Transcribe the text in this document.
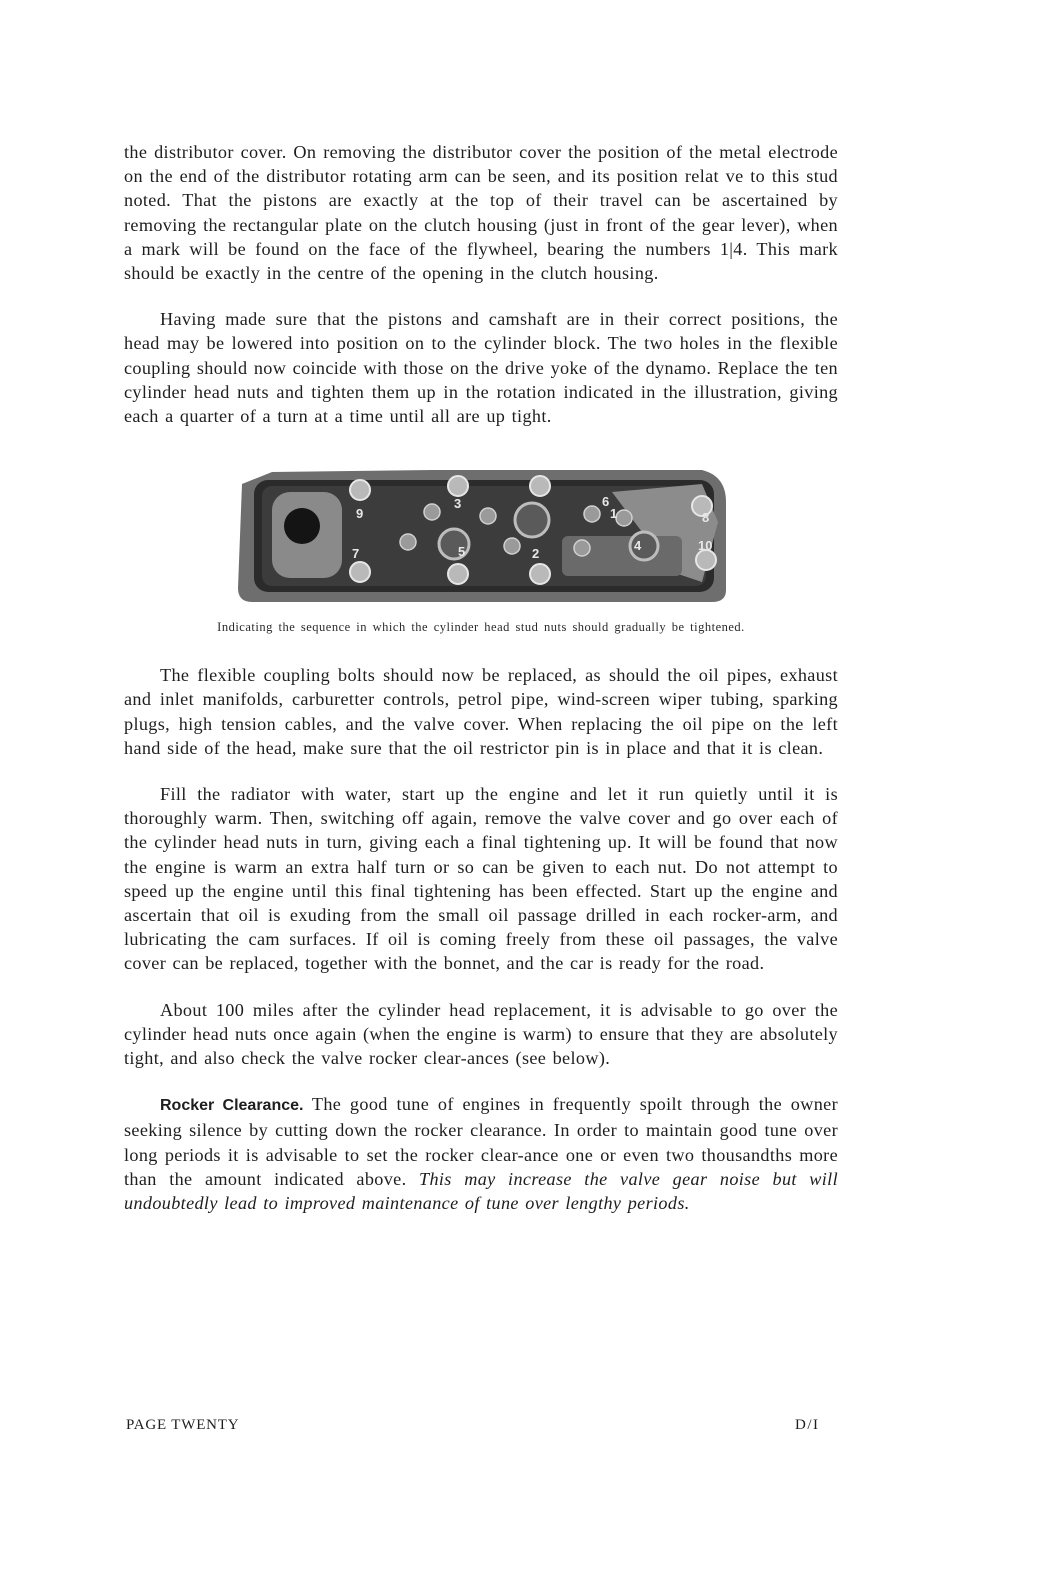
the distributor cover. On removing the distributor cover the position of the metal electrode on the end of the distributor rotating arm can be seen, and its position relat ve to this stud noted. That the pistons are exactly at the top of their travel can be ascertained by removing the rectangular plate on the clutch housing (just in front of the gear lever), when a mark will be found on the face of the flywheel, bearing the numbers 1|4. This mark should be exactly in the centre of the opening in the clutch housing.

Having made sure that the pistons and camshaft are in their correct positions, the head may be lowered into position on to the cylinder block. The two holes in the flexible coupling should now coincide with those on the drive yoke of the dynamo. Replace the ten cylinder head nuts and tighten them up in the rotation indicated in the illustration, giving each a quarter of a turn at a time until all are up tight.

1
2
3
4
5
6
7
8
9
10

Indicating the sequence in which the cylinder head stud nuts should gradually be tightened.

The flexible coupling bolts should now be replaced, as should the oil pipes, exhaust and inlet manifolds, carburetter controls, petrol pipe, wind-screen wiper tubing, sparking plugs, high tension cables, and the valve cover. When replacing the oil pipe on the left hand side of the head, make sure that the oil restrictor pin is in place and that it is clean.

Fill the radiator with water, start up the engine and let it run quietly until it is thoroughly warm. Then, switching off again, remove the valve cover and go over each of the cylinder head nuts in turn, giving each a final tightening up. It will be found that now the engine is warm an extra half turn or so can be given to each nut. Do not attempt to speed up the engine until this final tightening has been effected. Start up the engine and ascertain that oil is exuding from the small oil passage drilled in each rocker-arm, and lubricating the cam surfaces. If oil is coming freely from these oil passages, the valve cover can be replaced, together with the bonnet, and the car is ready for the road.

About 100 miles after the cylinder head replacement, it is advisable to go over the cylinder head nuts once again (when the engine is warm) to ensure that they are absolutely tight, and also check the valve rocker clear-ances (see below).

Rocker Clearance. The good tune of engines in frequently spoilt through the owner seeking silence by cutting down the rocker clearance. In order to maintain good tune over long periods it is advisable to set the rocker clear-ance one or even two thousandths more than the amount indicated above. This may increase the valve gear noise but will undoubtedly lead to improved maintenance of tune over lengthy periods.

PAGE TWENTY	D/I
